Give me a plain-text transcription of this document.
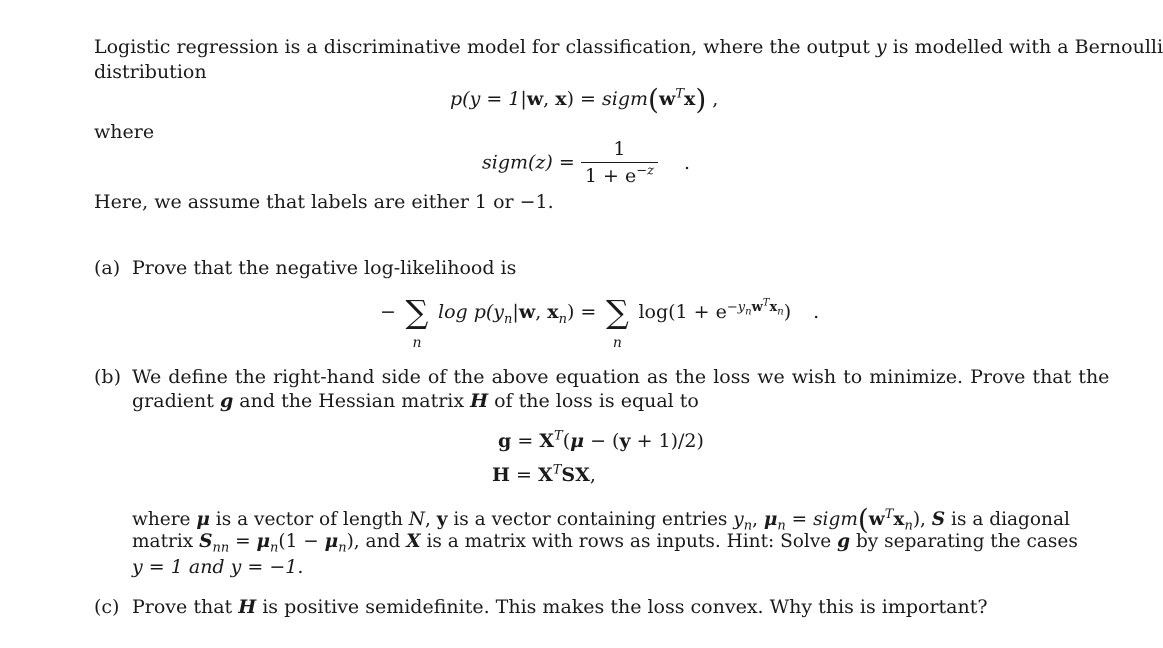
Logistic regression is a discriminative model for classification, where the output y is modelled with a Bernoulli
distribution
p(y = 1|w, $x) = sigm(w^Tx)$ ,
where
sigm(z) = $\frac{1}{1 + e^{-z}}$ .
Here, we assume that labels are either 1 or −1.
(a) Prove that the negative log-likelihood is
− ∑
n
$\log p(y_n|w$, $x_n$) = ∑
n
$\log(1 + e^{-y_nw^Tx_n})$ .
(b) We define the right-hand side of the above equation as the loss we wish to minimize. Prove that the
gradient g and the Hessian matrix H of the loss is equal to
$g = X^T(\mu - (y + 1)/2)$
$H = X^TSX$,
where μ is a vector of length N, y is a vector containing entries $y_n$, $\mu_n$ = $sigm(w^Tx_n)$, S is a diagonal
matrix $S_{nn} = \mu_n(1 - \mu_n)$, and X is a matrix with rows as inputs. Hint: Solve g by separating the cases
y = 1 and y = −1.
(c) Prove that H is positive semidefinite. This makes the loss convex. Why this is important?
